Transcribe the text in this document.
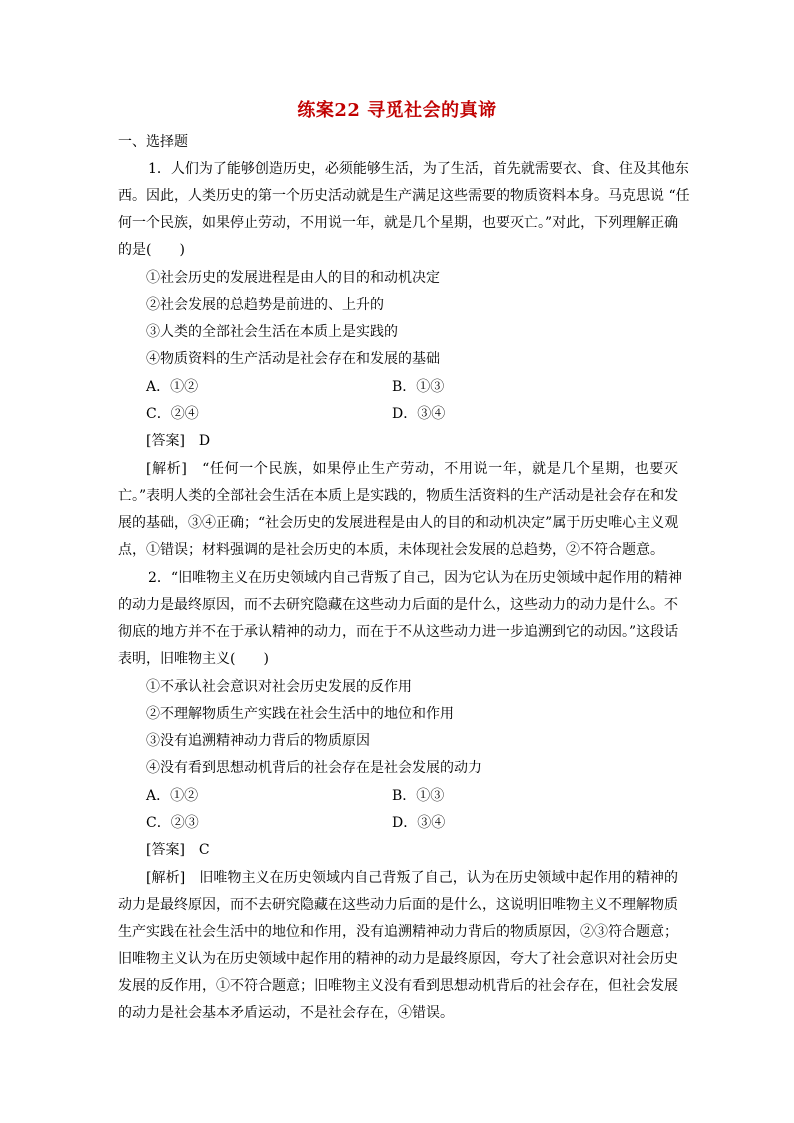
练案22 寻觅社会的真谛
一、选择题
1．人们为了能够创造历史，必须能够生活，为了生活，首先就需要衣、食、住及其他东
西。因此，人类历史的第一个历史活动就是生产满足这些需要的物质资料本身。马克思说 “任
何一个民族，如果停止劳动，不用说一年，就是几个星期，也要灭亡。”对此，下列理解正确
的是(　　)
①社会历史的发展进程是由人的目的和动机决定
②社会发展的总趋势是前进的、上升的
③人类的全部社会生活在本质上是实践的
④物质资料的生产活动是社会存在和发展的基础
A．①②	B．①③
C．②④	D．③④
[答案]　D
[解析]　“任何一个民族，如果停止生产劳动，不用说一年，就是几个星期，也要灭
亡。”表明人类的全部社会生活在本质上是实践的，物质生活资料的生产活动是社会存在和发
展的基础，③④正确；“社会历史的发展进程是由人的目的和动机决定”属于历史唯心主义观
点，①错误；材料强调的是社会历史的本质，未体现社会发展的总趋势，②不符合题意。
2．“旧唯物主义在历史领域内自己背叛了自己，因为它认为在历史领域中起作用的精神
的动力是最终原因，而不去研究隐藏在这些动力后面的是什么，这些动力的动力是什么。不
彻底的地方并不在于承认精神的动力，而在于不从这些动力进一步追溯到它的动因。”这段话
表明，旧唯物主义(　　)
①不承认社会意识对社会历史发展的反作用
②不理解物质生产实践在社会生活中的地位和作用
③没有追溯精神动力背后的物质原因
④没有看到思想动机背后的社会存在是社会发展的动力
A．①②	B．①③
C．②③	D．③④
[答案]　C
[解析]　旧唯物主义在历史领域内自己背叛了自己，认为在历史领域中起作用的精神的
动力是最终原因，而不去研究隐藏在这些动力后面的是什么，这说明旧唯物主义不理解物质
生产实践在社会生活中的地位和作用，没有追溯精神动力背后的物质原因，②③符合题意；
旧唯物主义认为在历史领域中起作用的精神的动力是最终原因，夸大了社会意识对社会历史
发展的反作用，①不符合题意；旧唯物主义没有看到思想动机背后的社会存在，但社会发展
的动力是社会基本矛盾运动，不是社会存在，④错误。
